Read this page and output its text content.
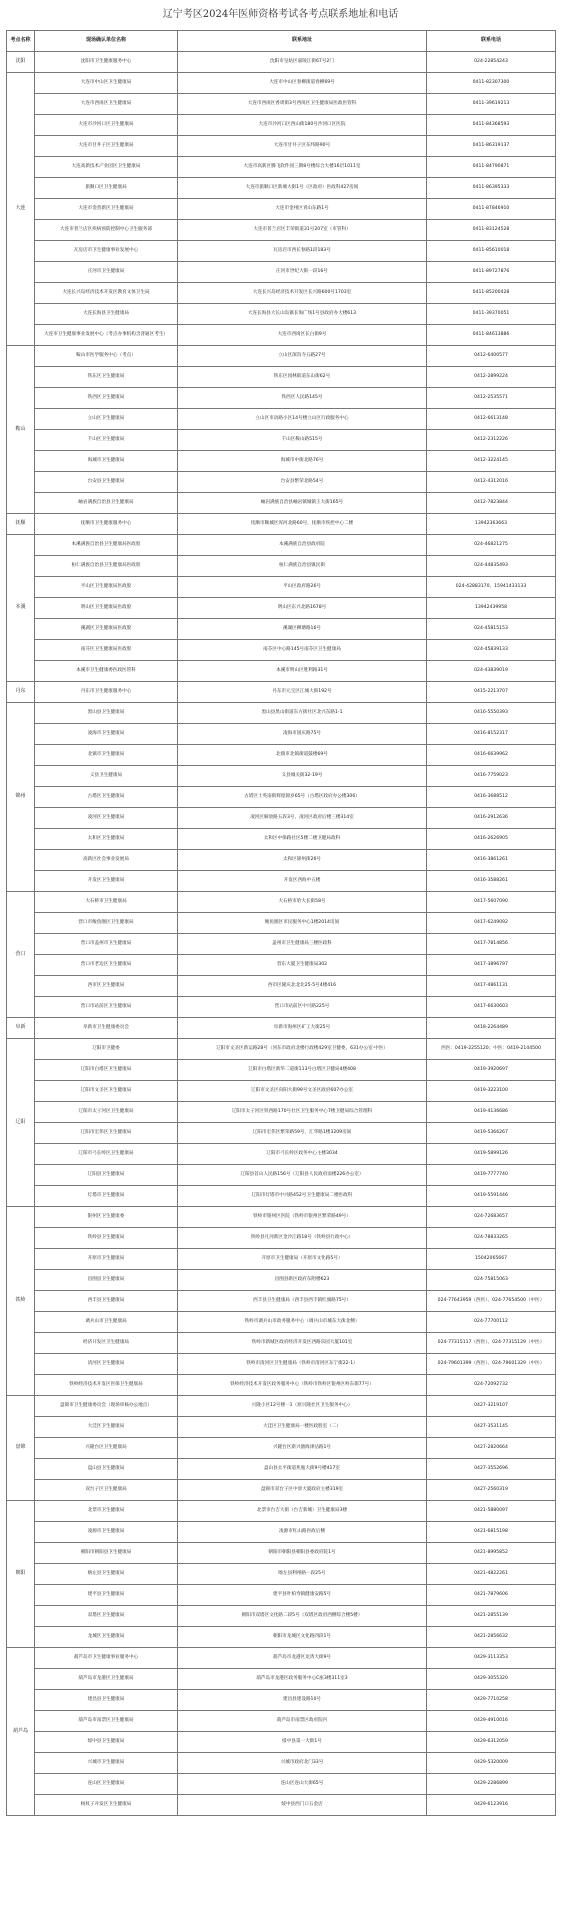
辽宁考区2024年医师资格考试各考点联系地址和电话
考点名称	现场确认单位名称	联系地址	联系电话
沈阳	沈阳市卫生健康服务中心	沈阳市皇姑区嘉陵江街67号2门	024-22854243
大连	大连市中山区卫生健康局	大连市中山区春柳街道春柳69号	0411-82307300
	大连市西岗区卫生健康局	大连市西岗区香周街3号西岗区卫生健康局医政医管科	0411-39619213
	大连市沙河口区卫生健康局	大连市沙河口区西山街180号沙河口区医院	0411-84368593
	大连市甘井子区卫生健康局	大连市甘井子区东纬路90号	0411-86319137
	大连高新技术产业园区卫生健康局	大连市高新区腾飞软件园三期8号楼综合大楼16层1011室	0411-84790871
	旅顺口区卫生健康局	大连市旅顺口区新城大街1号（区政府）医政科427房间	0411-86395333
	大连市金普新区卫生健康局	大连市金州区青山东路1号	0411-87846910
	大连市普兰店区疾病预防控制中心卫生服务部	大连市普兰店区丰荣街道31号207室（市管科）	0411-83124528
	瓦房店市卫生健康事业发展中心	瓦房店市西长春路1段183号	0411-85610018
	庄河市卫生健康局	庄河市世纪大街一段16号	0411-89727876
	大连长兴岛经济技术开发区教育文体卫生局	大连长兴岛经济技术开发区长兴路600号1703室	0411-85200428
	大连长海县卫生健康局	大连长海县大长山岛镇长海广场1号县政府办大楼613	0411-39370051
	大连市卫生健康事业发展中心（考点办事机构含普通区考生）	大连市西岗区长白街9号	0411-84613886
鞍山	鞍山市医学服务中心（考点）	立山区深沟寺五路27号	0412-6400577
	铁东区卫生健康局	铁东区园林街道东山街62号	0412-2899224
	铁西区卫生健康局	铁西区人民路145号	0412-2535571
	立山区卫生健康局	立山区市动路小区14号楼立山区行政服务中心	0412-6613148
	千山区卫生健康局	千山区鞍山路515号	0412-2312226
	海城市卫生健康局	海城市中街北路76号	0412-3224145
	台安县卫生健康局	台安县繁荣北路54号	0412-4312016
	岫岩满族自治县卫生健康局	岫岩满族自治县岫岩镇城镇王大街165号	0412-7823844
抚顺	抚顺市卫生健康服务中心	抚顺市顺城区浑河北路60号，抚顺市疾控中心二楼	13942363663
本溪	本溪满族自治县卫生健康局医政股	本溪满族自治县政府院	024-46821275
	桓仁满族自治县卫生健康局医政股	桓仁满族自治县镇民街	024-44835493
	平山区卫生健康局医政股	平山区政府路26号	024-42883170、15941433133
	明山区卫生健康局医政股	明山区东兴北路1678号	13942439958
	溪湖区卫生健康局医政股	溪湖区柳塘路16号	024-45815153
	南芬区卫生健康局医政股	南芬区中心路145号南芬区卫生健康局	024-45839133
	本溪市卫生健康委医政医管科	本溪市明山区胜利路31号	024-43839019
丹东	丹东市卫生健康服务中心	丹东市元宝区江城大街192号	0415-2213707
锦州	黑山县卫生健康局	黑山县黑山街道东方街社区北兴东路1-1	0416-5550393
	凌海市卫生健康局	凌海市国庆路75号	0416-8152317
	北镇市卫生健康局	北镇市北镇街道鼓楼69号	0416-6639962
	义县卫生健康局	义县城关街32-19号	0416-7759023
	古塔区卫生健康局	古塔区士英南街辉煌锦岁65号（古塔区政府办公楼306）	0416-3688512
	凌河区卫生健康局	凌河区解放路五段3号，凌河区政府后楼三楼314室	0416-2912636
	太和区卫生健康局	太和区中保路社区5楼二楼卫健局政科	0416-2626905
	高新区社会事业发展局	太和区锦州街26号	0416-3861261
	开发区卫生健康局	开发区西海中五楼	0416-3588261
营口	大石桥市卫生健康局	大石桥市哈大长街58号	0417-5607090
	营口市鲅鱼圈区卫生健康局	鲅鱼圈区市民服务中心1楼2014房间	0417-6249092
	营口市盖州市卫生健康局	盖州市卫生健康局三楼医政科	0417-7814856
	营口市老边区卫生健康局	营东大厦卫生健康局302	0417-3896797
	西市区卫生健康局	西市区隆庆北北北25-5号4楼416	0417-4861131
	营口市站前区卫生健康局	营口市站前区中兴路225号	0417-6630603
阜新	阜新市卫生健康委员会	阜新市海州区矿工大街25号	0418-2264489
辽阳	辽阳市卫健委	辽阳市文圣区新运路28号（河东市政府北楼行政楼429室卫健委，631办公室·中医）	西医：0419-2255120；中医：0419-2144500
	辽阳市白塔区卫生健康局	辽阳市白塔区新华二道街113号白塔区卫健局4楼408	0419-3920697
	辽阳市文圣区卫生健康局	辽阳市文圣区向阳大街99号文圣区政府607办公室	0419-3223100
	辽阳市太子河区卫生健康局	辽阳市太子河区铁西路170号社区卫生服务中心7楼卫健局综合管理科	0419-4136686
	辽阳市宏伟区卫生健康局	辽阳市宏伟区繁荣路59号，汇华路1楼3209房间	0419-5366267
	辽阳市弓长岭区卫生健康局	辽阳市弓长岭区政务中心主楼3034	0419-5899126
	辽阳县卫生健康局	辽阳县首山人民路156号（辽阳县人民政府南楼226办公室）	0419-7777740
	灯塔市卫生健康局	辽阳市灯塔市中兴路452号卫生健康局二楼医政科	0419-5591446
铁岭	银州区卫生健康委	铁岭市银州区医院（铁岭市银州区繁荣路49号）	024-72683657
	铁岭县卫生健康局	铁岭县凡河新区金沙江路18号（铁岭县行政中心）	024-78833265
	开原市卫生健康局	开原市卫生健康局（开原市文化路5号）	15042065667
	昌图县卫生健康局	昌图县新区政府东附楼623	024-75815063
	西丰县卫生健康局	西丰县卫生健康局（西丰县西丰镇红旗路75号）	024-77643959（西医）、024-77654500（中医）
	调兵山市卫生健康局	铁岭市调兵山市政务服务中心（调兵山市城东大街北侧）	024-77700112
	经济开发区卫生健康局	铁岭市新城区政府经济开发区西路乐园大厦101室	024-77315117（西医）、024-77315129（中医）
	清河区卫生健康局	铁岭市清河区卫生健康局（铁岭市清河区东宁街22-1）	024-79601399（西医）、024-79601329（中医）
	铁岭经济技术开发区医保卫生健康局	铁岭经济技术开发区政务服务中心（铁岭市铁岭区银州区岭东街77号）	024-72092732
盘锦	盘锦市卫生健康委员会（现场审核办公地点）	兴隆小区12号楼一1（原兴隆社区卫生服务中心）	0427-3219107
	大洼区卫生健康局	大洼区卫生健康局一楼医政股室（二）	0427-3531145
	兴隆台区卫生健康局	兴隆台区新兴渤海津沽路1号	0427-2820664
	盘山县卫生健康局	盘山县太平街道兆瓶大街9号楼417室	0427-3552696
	双台子区卫生健康局	盘锦市双台子区中原大厦政府主楼319室	0427-2560319
朝阳	北票市卫生健康局	北票市台吉大街（台吉新城）卫生健康局3楼	0421-5880097
	凌源市卫生健康局	凌源市红山路医政后侧	0421-6815198
	朝阳市朝阳县卫生健康局	朝阳市朝阳县朝阳县委政府院1号	0421-8995852
	喀左县卫生健康局	喀左县利州路一段25号	0421-4822261
	建平县卫生健康局	建平县叶柏寿镇健康安路5号	0421-7879606
	双塔区卫生健康局	朝阳市双塔区文化路二段5号（双塔区政府西侧综合楼5楼）	0421-2855139
	龙城区卫生健康局	朝阳市龙城区文化路四段1号	0421-2856632
葫芦岛	葫芦岛市卫生健康事业服务中心	葫芦岛市龙港区龙湾大街9号	0429-3113353
	葫芦岛市龙港区卫生健康局	葫芦岛市龙港区政务服务中心C座3楼311室3	0429-3055320
	建昌县卫生健康局	建昌县建设路10号	0429-7710258
	葫芦岛市南票区卫生健康局	葫芦岛市南票区政府院内	0429-4910016
	绥中县卫生健康局	绥中县第一大街1号	0429-6312059
	兴城市卫生健康局	兴城市政府北门33号	0429-5320009
	连山区卫生健康局	连山区连山大街65号	0429-2286899
	杨杖子开发区卫生健康局	绥中县西门口五金店	0429-6123916
